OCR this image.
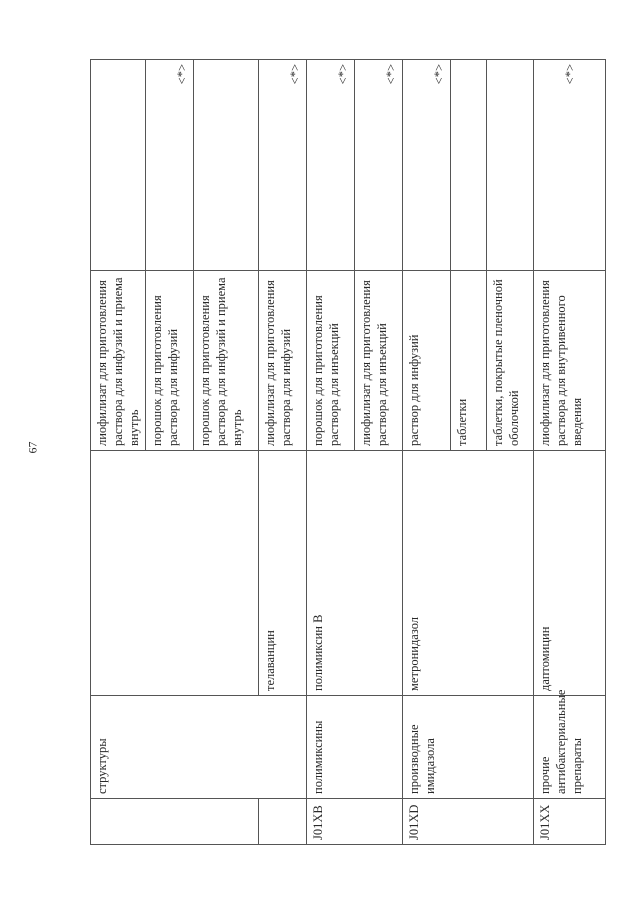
67
	структуры		лиофилизат для приготовления раствора для инфузий и приема внутрь	
			порошок для приготовления раствора для инфузий	<*>
			порошок для приготовления раствора для инфузий и приема внутрь	
		телаванцин	лиофилизат для приготовления раствора для инфузий	<*>
J01XB	полимиксины	полимиксин В	порошок для приготовления раствора для инъекций	<*>
			лиофилизат для приготовления раствора для инъекций	<*>
J01XD	производные имидазола	метронидазол	раствор для инфузий	<*>
			таблетки	
			таблетки, покрытые пленочной оболочкой	
J01XX	прочие антибактериальные препараты	даптомицин	лиофилизат для приготовления раствора для внутривенного введения	<*>
